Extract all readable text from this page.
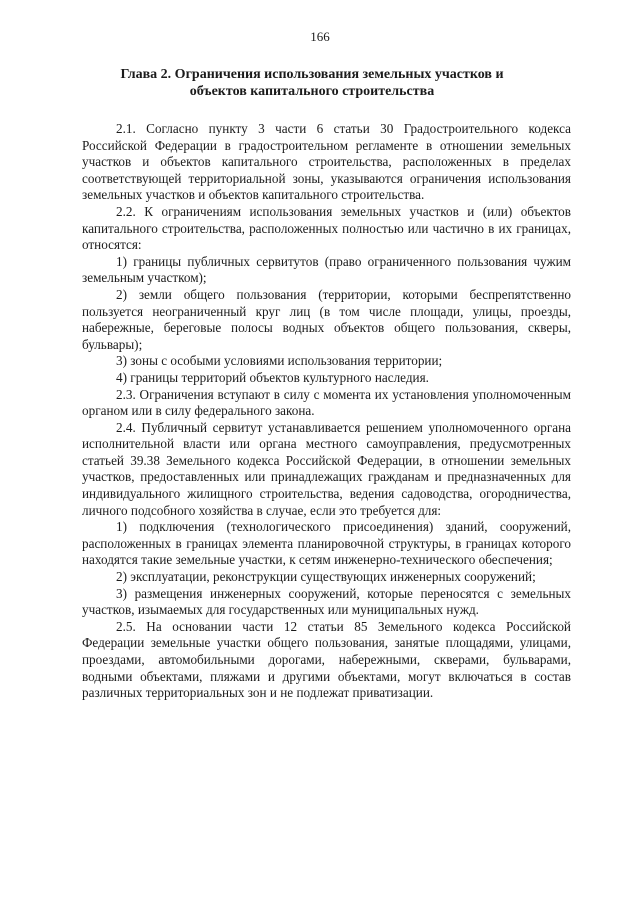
166
Глава 2. Ограничения использования земельных участков и объектов капитального строительства

2.1. Согласно пункту 3 части 6 статьи 30 Градостроительного кодекса Российской Федерации в градостроительном регламенте в отношении земельных участков и объектов капитального строительства, расположенных в пределах соответствующей территориальной зоны, указываются ограничения использования земельных участков и объектов капитального строительства.

2.2. К ограничениям использования земельных участков и (или) объектов капитального строительства, расположенных полностью или частично в их границах, относятся:

1) границы публичных сервитутов (право ограниченного пользования чужим земельным участком);

2) земли общего пользования (территории, которыми беспрепятственно пользуется неограниченный круг лиц (в том числе площади, улицы, проезды, набережные, береговые полосы водных объектов общего пользования, скверы, бульвары);

3) зоны с особыми условиями использования территории;

4) границы территорий объектов культурного наследия.

2.3. Ограничения вступают в силу с момента их установления уполномоченным органом или в силу федерального закона.

2.4. Публичный сервитут устанавливается решением уполномоченного органа исполнительной власти или органа местного самоуправления, предусмотренных статьей 39.38 Земельного кодекса Российской Федерации, в отношении земельных участков, предоставленных или принадлежащих гражданам и предназначенных для индивидуального жилищного строительства, ведения садоводства, огородничества, личного подсобного хозяйства в случае, если это требуется для:

1) подключения (технологического присоединения) зданий, сооружений, расположенных в границах элемента планировочной структуры, в границах которого находятся такие земельные участки, к сетям инженерно-технического обеспечения;

2) эксплуатации, реконструкции существующих инженерных сооружений;

3) размещения инженерных сооружений, которые переносятся с земельных участков, изымаемых для государственных или муниципальных нужд.

2.5. На основании части 12 статьи 85 Земельного кодекса Российской Федерации земельные участки общего пользования, занятые площадями, улицами, проездами, автомобильными дорогами, набережными, скверами, бульварами, водными объектами, пляжами и другими объектами, могут включаться в состав различных территориальных зон и не подлежат приватизации.
